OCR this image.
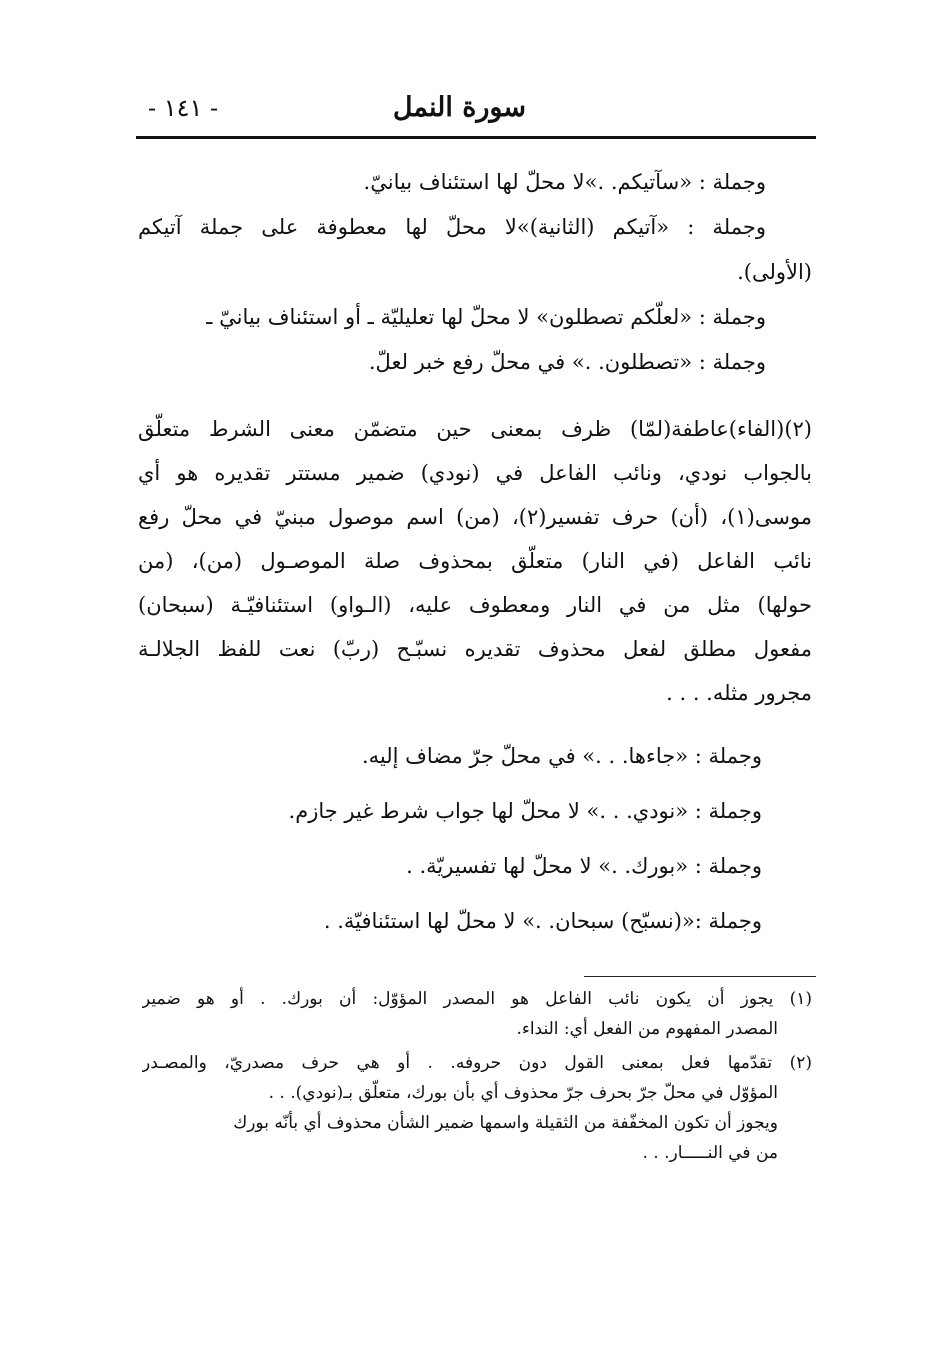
سورة النمل
- ١٤١ -
وجملة : «سآتيكم. .»لا محلّ لها استئناف بيانيّ.
وجملة : «آتيكم (الثانية)»لا محلّ لها معطوفة على جملة آتيكم
(الأولى).
وجملة : «لعلّكم تصطلون» لا محلّ لها تعليليّة ـ أو استئناف بيانيّ ـ
وجملة : «تصطلون. .» في محلّ رفع خبر لعلّ.
(٢)(الفاء)عاطفة(لمّا) ظرف بمعنى حين متضمّن معنى الشرط متعلّق
بالجواب نودي، ونائب الفاعل في (نودي) ضمير مستتر تقديره هو أي
موسى(١)، (أن) حرف تفسير(٢)، (من) اسم موصول مبنيّ في محلّ رفع
نائب الفاعل (في النار) متعلّق بمحذوف صلة الموصـول (من)، (من
حولها) مثل من في النار ومعطوف عليه، (الـواو) استئنافيّـة (سبحان)
مفعول مطلق لفعل محذوف تقديره نسبّـح (ربّ) نعت للفظ الجلالـة
مجرور مثله. . . .
وجملة : «جاءها. . .» في محلّ جرّ مضاف إليه.
وجملة : «نودي. . .» لا محلّ لها جواب شرط غير جازم.
وجملة : «بورك. .» لا محلّ لها تفسيريّة. .
وجملة :«(نسبّح) سبحان. .» لا محلّ لها استئنافيّة. .
(١) يجوز أن يكون نائب الفاعل هو المصدر المؤوّل: أن بورك. . أو هو ضمير
المصدر المفهوم من الفعل أي: النداء.
(٢) تقدّمها فعل بمعنى القول دون حروفه. . أو هي حرف مصدريّ، والمصـدر
المؤوّل في محلّ جرّ بحرف جرّ محذوف أي بأن بورك، متعلّق بـ(نودي). . .
ويجوز أن تكون المخفّفة من الثقيلة واسمها ضمير الشأن محذوف أي بأنّه بورك
من في النـــــار. . .
